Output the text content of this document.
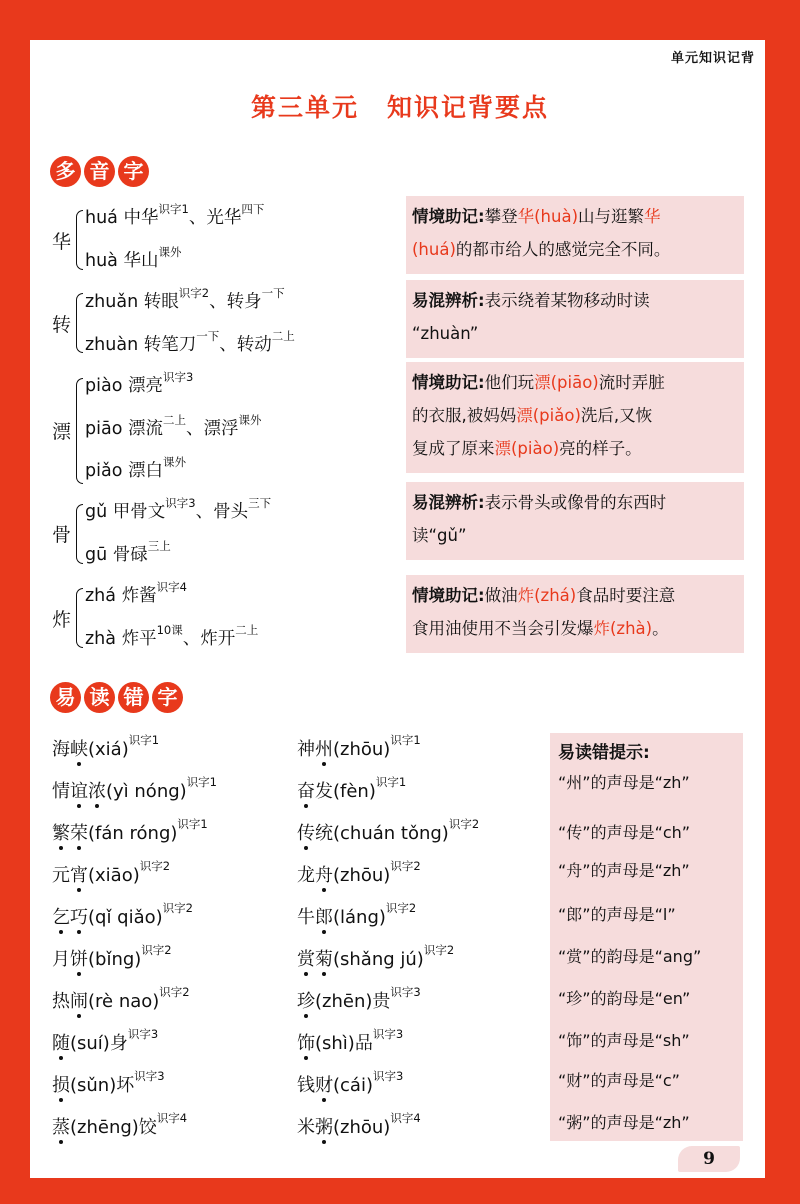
单元知识记背
第三单元 知识记背要点
多 音 字
华
huá 中华$^{识字1}$、光华$^{四下}$
huà 华山$^{课外}$
转
zhuǎn 转眼$^{识字2}$、转身$^{一下}$
zhuàn 转笔刀$^{一下}$、转动$^{二上}$
漂
piào 漂亮$^{识字3}$
piāo 漂流$^{二上}$、漂浮$^{课外}$
piǎo 漂白$^{课外}$
骨
gǔ 甲骨文$^{识字3}$、骨头$^{三下}$
gū 骨碌$^{三上}$
炸
zhá 炸酱$^{识字4}$
zhà 炸平$^{10课}$、炸开$^{二上}$
情境助记:攀登华(huà)山与逛繁华
(huá)的都市给人的感觉完全不同。
易混辨析:表示绕着某物移动时读
“zhuàn”
情境助记:他们玩漂(piāo)流时弄脏
的衣服,被妈妈漂(piǎo)洗后,又恢
复成了原来漂(piào)亮的样子。
易混辨析:表示骨头或像骨的东西时
读“gǔ”
情境助记:做油炸(zhá)食品时要注意
食用油使用不当会引发爆炸(zhà)。
易 读 错 字
海峡(xiá)$^{识字1}$
情谊浓(yì nóng)$^{识字1}$
繁荣(fán róng)$^{识字1}$
元宵(xiāo)$^{识字2}$
乞巧(qǐ qiǎo)$^{识字2}$
月饼(bǐng)$^{识字2}$
热闹(rè nao)$^{识字2}$
随(suí)身$^{识字3}$
损(sǔn)坏$^{识字3}$
蒸(zhēng)饺$^{识字4}$
神州(zhōu)$^{识字1}$
奋发(fèn)$^{识字1}$
传统(chuán tǒng)$^{识字2}$
龙舟(zhōu)$^{识字2}$
牛郎(láng)$^{识字2}$
赏菊(shǎng jú)$^{识字2}$
珍(zhēn)贵$^{识字3}$
饰(shì)品$^{识字3}$
钱财(cái)$^{识字3}$
米粥(zhōu)$^{识字4}$
易读错提示:
“州”的声母是“zh”
“传”的声母是“ch”
“舟”的声母是“zh”
“郎”的声母是“l”
“赏”的韵母是“ang”
“珍”的韵母是“en”
“饰”的声母是“sh”
“财”的声母是“c”
“粥”的声母是“zh”
9
